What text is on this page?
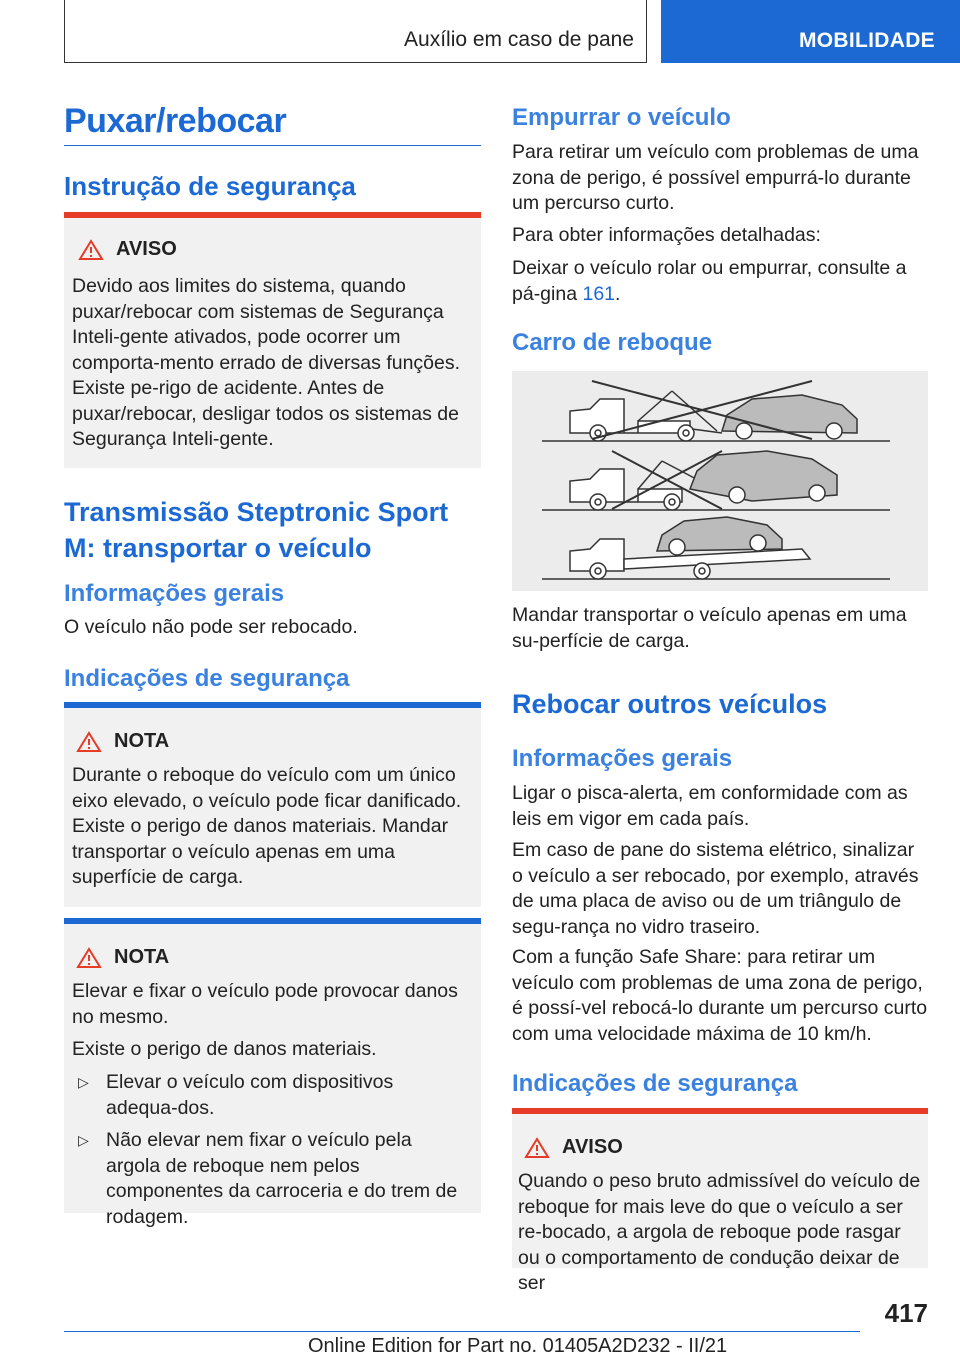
Auxílio em caso de pane	MOBILIDADE
Puxar/rebocar
Instrução de segurança
AVISO

Devido aos limites do sistema, quando puxar/rebocar com sistemas de Segurança Inteli-gente ativados, pode ocorrer um comporta-mento errado de diversas funções. Existe pe-rigo de acidente. Antes de puxar/rebocar, desligar todos os sistemas de Segurança Inteli-gente.

Transmissão Steptronic Sport M: transportar o veículo
Informações gerais

O veículo não pode ser rebocado.

Indicações de segurança
NOTA

Durante o reboque do veículo com um único eixo elevado, o veículo pode ficar danificado. Existe o perigo de danos materiais. Mandar transportar o veículo apenas em uma superfície de carga.

NOTA

Elevar e fixar o veículo pode provocar danos no mesmo.

Existe o perigo de danos materiais.

▷ Elevar o veículo com dispositivos adequa-dos.
▷ Não elevar nem fixar o veículo pela argola de reboque nem pelos componentes da carroceria e do trem de rodagem.
Empurrar o veículo

Para retirar um veículo com problemas de uma zona de perigo, é possível empurrá-lo durante um percurso curto.

Para obter informações detalhadas:

Deixar o veículo rolar ou empurrar, consulte a pá-gina 161.

Carro de reboque

Mandar transportar o veículo apenas em uma su-perfície de carga.

Rebocar outros veículos
Informações gerais

Ligar o pisca-alerta, em conformidade com as leis em vigor em cada país.

Em caso de pane do sistema elétrico, sinalizar o veículo a ser rebocado, por exemplo, através de uma placa de aviso ou de um triângulo de segu-rança no vidro traseiro.

Com a função Safe Share: para retirar um veículo com problemas de uma zona de perigo, é possí-vel rebocá-lo durante um percurso curto com uma velocidade máxima de 10 km/h.

Indicações de segurança
AVISO

Quando o peso bruto admissível do veículo de reboque for mais leve do que o veículo a ser re-bocado, a argola de reboque pode rasgar ou o comportamento de condução deixar de ser

417
Online Edition for Part no. 01405A2D232 - II/21
